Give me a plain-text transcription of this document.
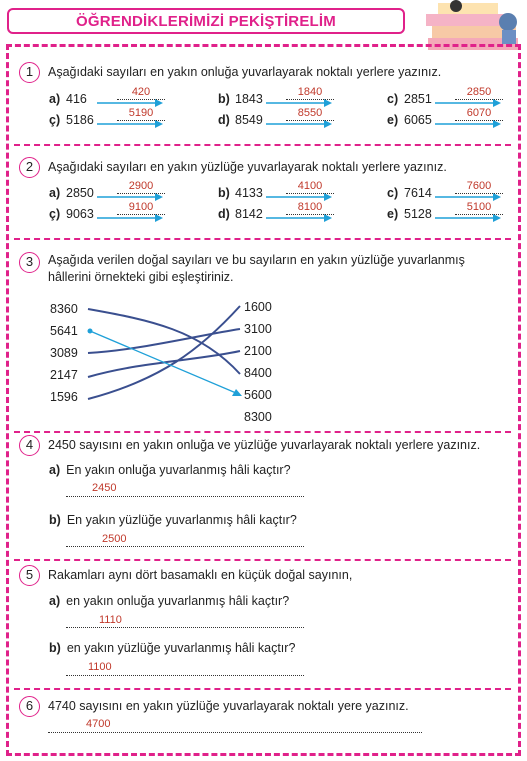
ÖĞRENDİKLERİMİZİ PEKİŞTİRELİM
1	Aşağıdaki sayıları en yakın onluğa yuvarlayarak noktalı yerlere yazınız.
a) 416	420	b) 1843	1840	c) 2851	2850
ç) 5186	5190	d) 8549	8550	e) 6065	6070
2	Aşağıdaki sayıları en yakın yüzlüğe yuvarlayarak noktalı yerlere yazınız.
a) 2850	2900	b) 4133	4100	c) 7614	7600
ç) 9063	9100	d) 8142	8100	e) 5128	5100
3	Aşağıda verilen doğal sayıları ve bu sayıların en yakın yüzlüğe yuvarlanmış
hâllerini örnekteki gibi eşleştiriniz.
8360
5641
3089
2147
1596
1600
3100
2100
8400
5600
8300
4	2450 sayısını en yakın onluğa ve yüzlüğe yuvarlayarak noktalı yerlere yazınız.
a) En yakın onluğa yuvarlanmış hâli kaçtır?
2450
b) En yakın yüzlüğe yuvarlanmış hâli kaçtır?
2500
5	Rakamları aynı dört basamaklı en küçük doğal sayının,
a) en yakın onluğa yuvarlanmış hâli kaçtır?
1110
b) en yakın yüzlüğe yuvarlanmış hâli kaçtır?
1100
6	4740 sayısını en yakın yüzlüğe yuvarlayarak noktalı yere yazınız.
4700
